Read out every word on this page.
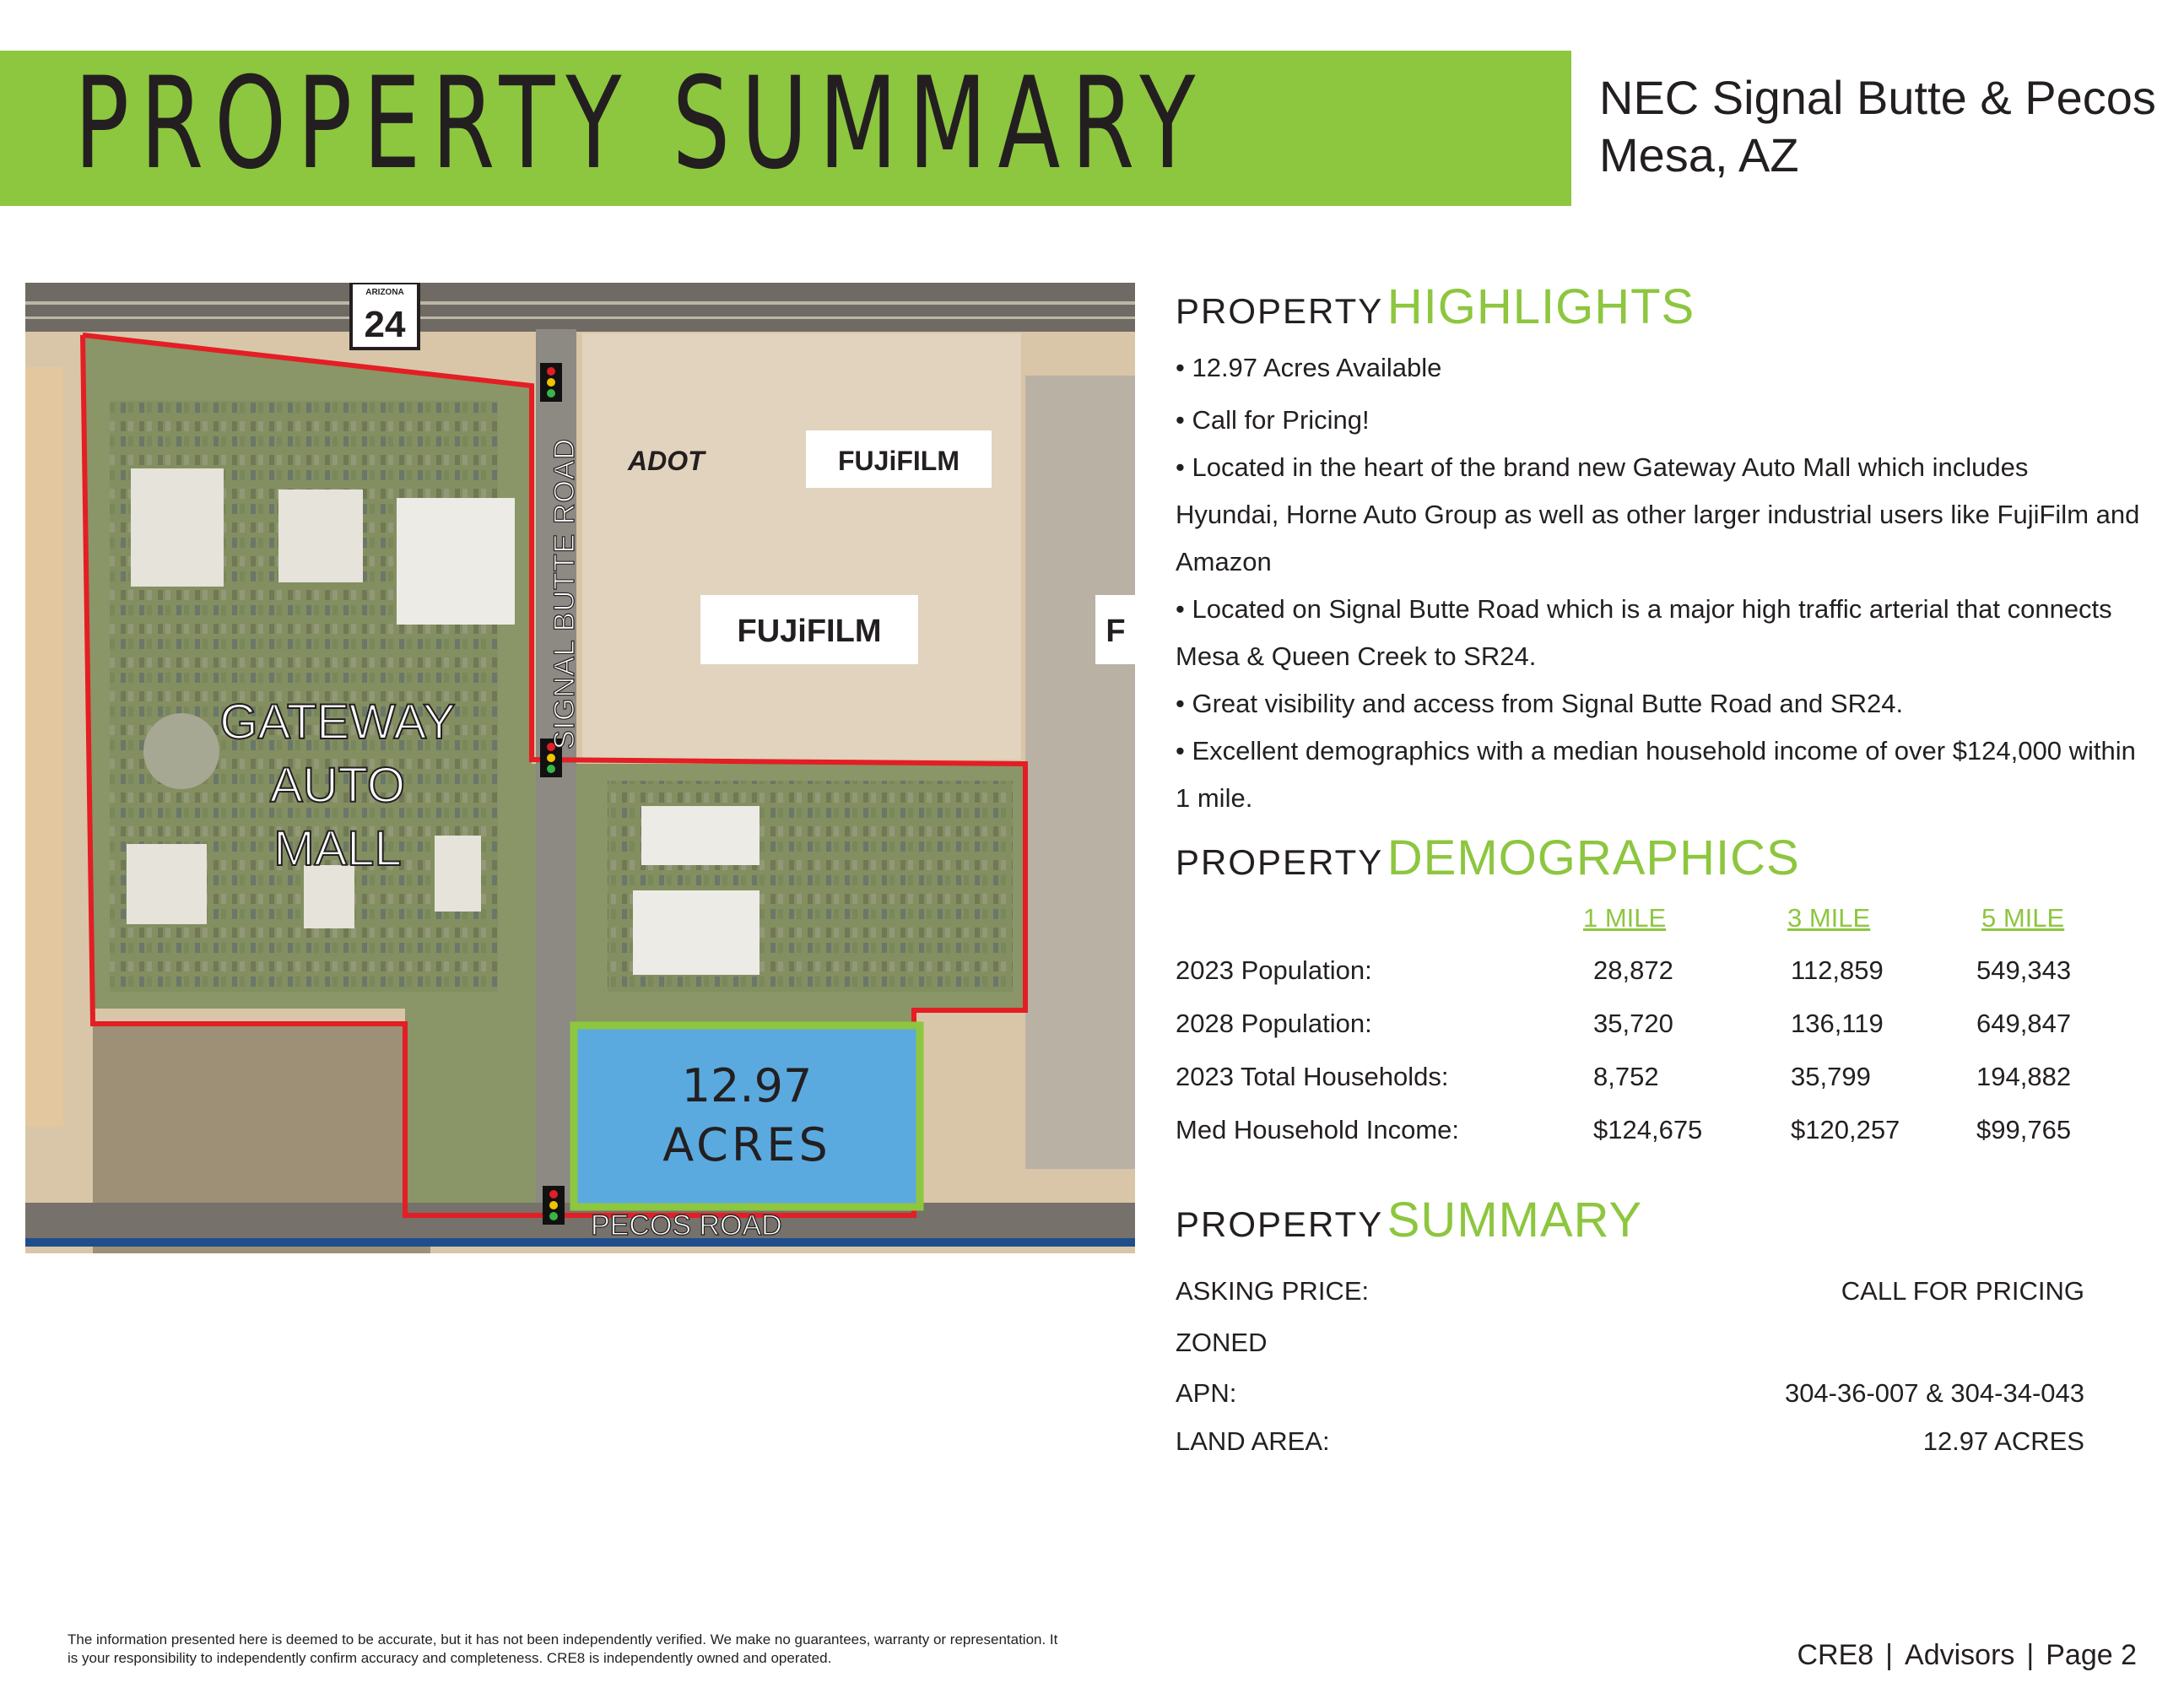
PROPERTY SUMMARY	NEC Signal Butte & Pecos
Mesa, AZ
12.97
ACRES
ARIZONA
24
FUJiFILM
FUJiFILM	F
ADOT
SIGNAL BUTTE ROAD
PECOS ROAD
GATEWAY
AUTO
MALL
PROPERTY HIGHLIGHTS
• 12.97 Acres Available
• Call for Pricing!
• Located in the heart of the brand new Gateway Auto Mall which includes
Hyundai, Horne Auto Group as well as other larger industrial users like FujiFilm and
Amazon
• Located on Signal Butte Road which is a major high traffic arterial that connects
Mesa & Queen Creek to SR24.
• Great visibility and access from Signal Butte Road and SR24.
• Excellent demographics with a median household income of over $124,000 within
1 mile.
PROPERTY DEMOGRAPHICS
1 MILE	3 MILE	5 MILE
2023 Population:	28,872	112,859	549,343
2028 Population:	35,720	136,119	649,847
2023 Total Households:	8,752	35,799	194,882
Med Household Income:	$124,675	$120,257	$99,765
PROPERTY SUMMARY
ASKING PRICE:	CALL FOR PRICING
ZONED
APN:	304-36-007 & 304-34-043
LAND AREA:	12.97 ACRES
The information presented here is deemed to be accurate, but it has not been independently verified. We make no guarantees, warranty or representation. It is your responsibility to independently confirm accuracy and completeness. CRE8 is independently owned and operated.	CRE8 | Advisors | Page 2
